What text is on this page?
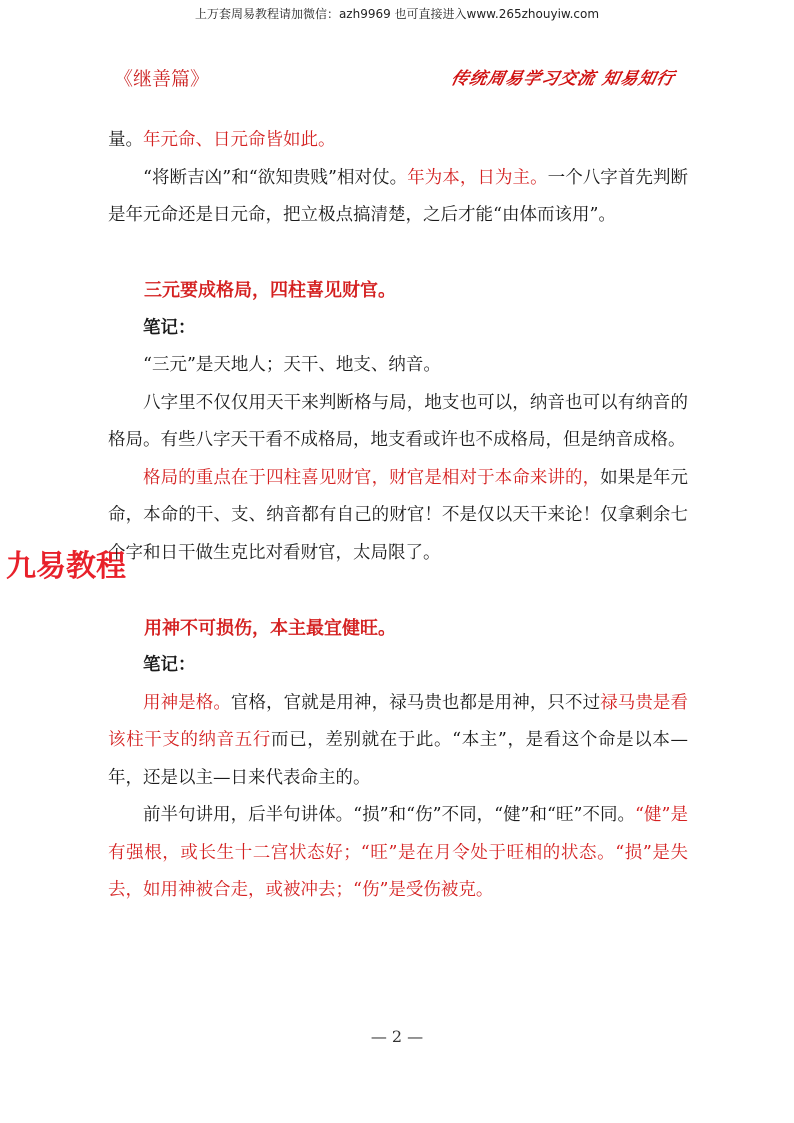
上万套周易教程请加微信：azh9969 也可直接进入www.265zhouyiw.com
《继善篇》	传统周易学习交流 知易知行
九易教程

量。年元命、日元命皆如此。

“将断吉凶”和“欲知贵贱”相对仗。年为本，日为主。一个八字首先判断是年元命还是日元命，把立极点搞清楚，之后才能“由体而该用”。

三元要成格局，四柱喜见财官。

笔记：

“三元”是天地人；天干、地支、纳音。

八字里不仅仅用天干来判断格与局，地支也可以，纳音也可以有纳音的格局。有些八字天干看不成格局，地支看或许也不成格局，但是纳音成格。

格局的重点在于四柱喜见财官，财官是相对于本命来讲的，如果是年元命，本命的干、支、纳音都有自己的财官！不是仅以天干来论！仅拿剩余七个字和日干做生克比对看财官，太局限了。

用神不可损伤，本主最宜健旺。

笔记：

用神是格。官格，官就是用神，禄马贵也都是用神，只不过禄马贵是看该柱干支的纳音五行而已，差别就在于此。“本主”，是看这个命是以本—年，还是以主—日来代表命主的。

前半句讲用，后半句讲体。“损”和“伤”不同，“健”和“旺”不同。“健”是有强根，或长生十二宫状态好；“旺”是在月令处于旺相的状态。“损”是失去，如用神被合走，或被冲去；“伤”是受伤被克。

— 2 —
